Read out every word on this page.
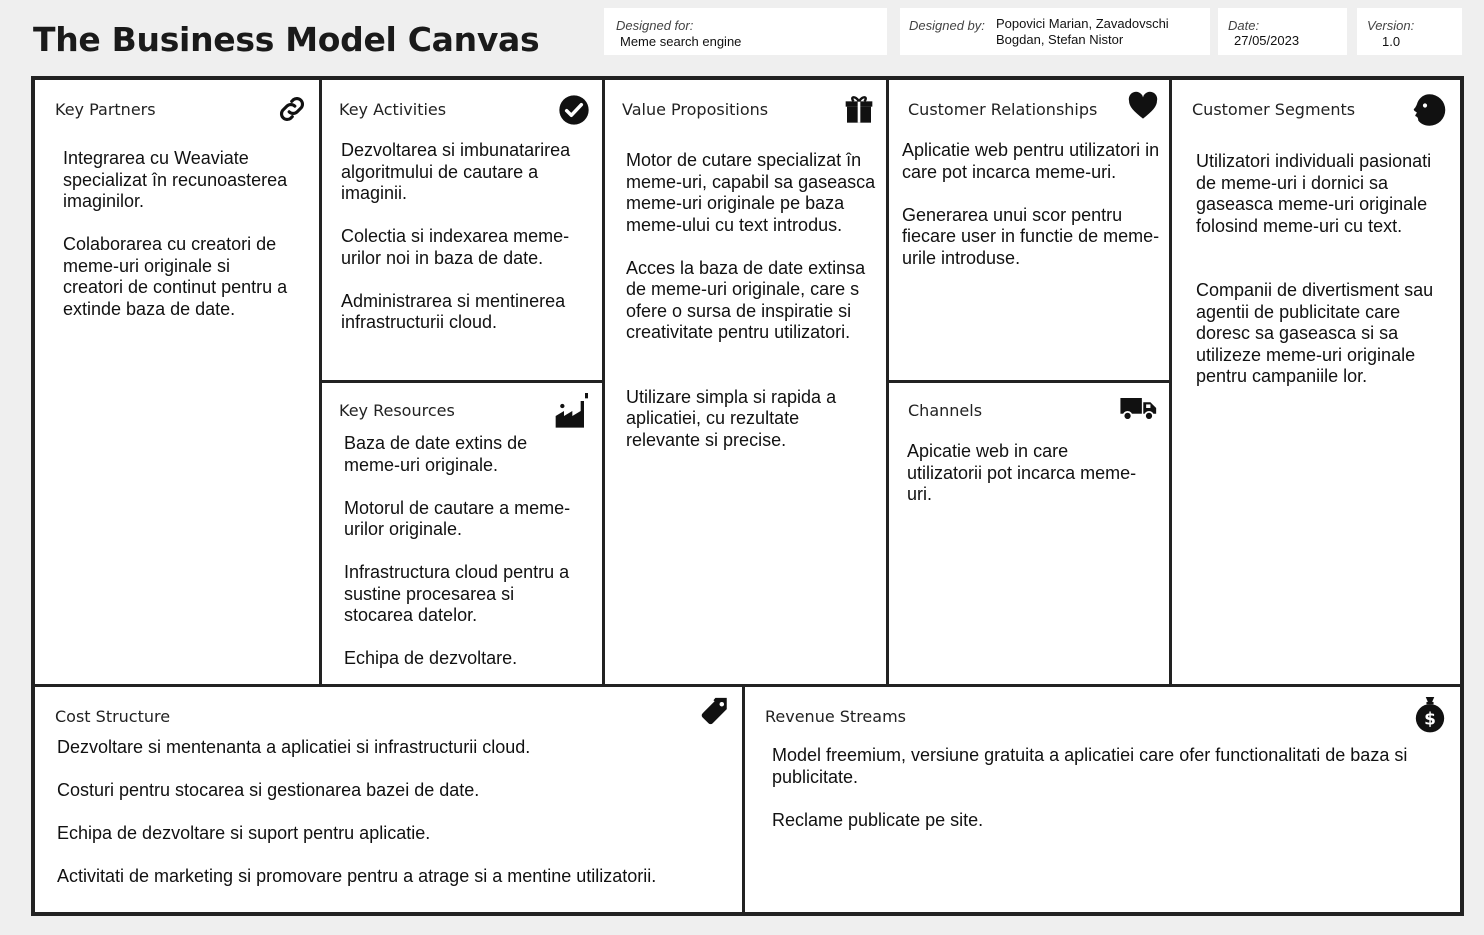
The Business Model Canvas	Designed for:
Meme search engine
Designed by: Popovici Marian, Zavadovschi
Bogdan, Stefan Nistor
Date:
27/05/2023
Version:
1.0
Key Partners

Integrarea cu Weaviate specializat în recunoasterea imaginilor.

Colaborarea cu creatori de meme-uri originale si creatori de continut pentru a extinde baza de date.

Key Activities

Dezvoltarea si imbunatarirea algoritmului de cautare a imaginii.

Colectia si indexarea meme-urilor noi in baza de date.

Administrarea si mentinerea infrastructurii cloud.

Key Resources

Baza de date extins de meme-uri originale.

Motorul de cautare a meme-urilor originale.

Infrastructura cloud pentru a sustine procesarea si stocarea datelor.

Echipa de dezvoltare.

Value Propositions

Motor de cutare specializat în meme-uri, capabil sa gaseasca meme-uri originale pe baza meme-ului cu text introdus.

Acces la baza de date extinsa de meme-uri originale, care s ofere o sursa de inspiratie si creativitate pentru utilizatori.

Utilizare simpla si rapida a aplicatiei, cu rezultate relevante si precise.

Customer Relationships

Aplicatie web pentru utilizatori in care pot incarca meme-uri.

Generarea unui scor pentru fiecare user in functie de meme-urile introduse.

Channels

Apicatie web in care utilizatorii pot incarca meme-uri.

Customer Segments

Utilizatori individuali pasionati de meme-uri i dornici sa gaseasca meme-uri originale folosind meme-uri cu text.

Companii de divertisment sau agentii de publicitate care doresc sa gaseasca si sa utilizeze meme-uri originale pentru campaniile lor.

Cost Structure

Dezvoltare si mentenanta a aplicatiei si infrastructurii cloud.

Costuri pentru stocarea si gestionarea bazei de date.

Echipa de dezvoltare si suport pentru aplicatie.

Activitati de marketing si promovare pentru a atrage si a mentine utilizatorii.

Revenue Streams	$

Model freemium, versiune gratuita a aplicatiei care ofer functionalitati de baza si publicitate.

Reclame publicate pe site.
